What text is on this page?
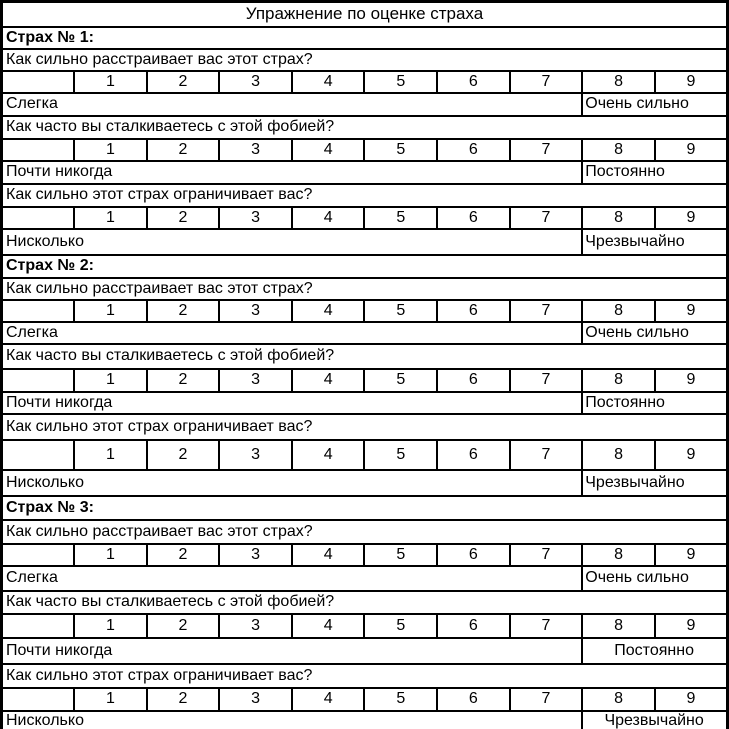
Упражнение по оценке страха									
Страх № 1:									
Как сильно расстраивает вас этот страх?									
	1	2	3	4	5	6	7	8	9
Слегка								Очень сильно	
Как часто вы сталкиваетесь с этой фобией?									
	1	2	3	4	5	6	7	8	9
Почти никогда								Постоянно	
Как сильно этот страх ограничивает вас?									
	1	2	3	4	5	6	7	8	9
Нисколько								Чрезвычайно	
Страх № 2:									
Как сильно расстраивает вас этот страх?									
	1	2	3	4	5	6	7	8	9
Слегка								Очень сильно	
Как часто вы сталкиваетесь с этой фобией?									
	1	2	3	4	5	6	7	8	9
Почти никогда								Постоянно	
Как сильно этот страх ограничивает вас?									
	1	2	3	4	5	6	7	8	9
Нисколько								Чрезвычайно	
Страх № 3:									
Как сильно расстраивает вас этот страх?									
	1	2	3	4	5	6	7	8	9
Слегка								Очень сильно	
Как часто вы сталкиваетесь с этой фобией?									
	1	2	3	4	5	6	7	8	9
Почти никогда								Постоянно	
Как сильно этот страх ограничивает вас?									
	1	2	3	4	5	6	7	8	9
Нисколько								Чрезвычайно	
